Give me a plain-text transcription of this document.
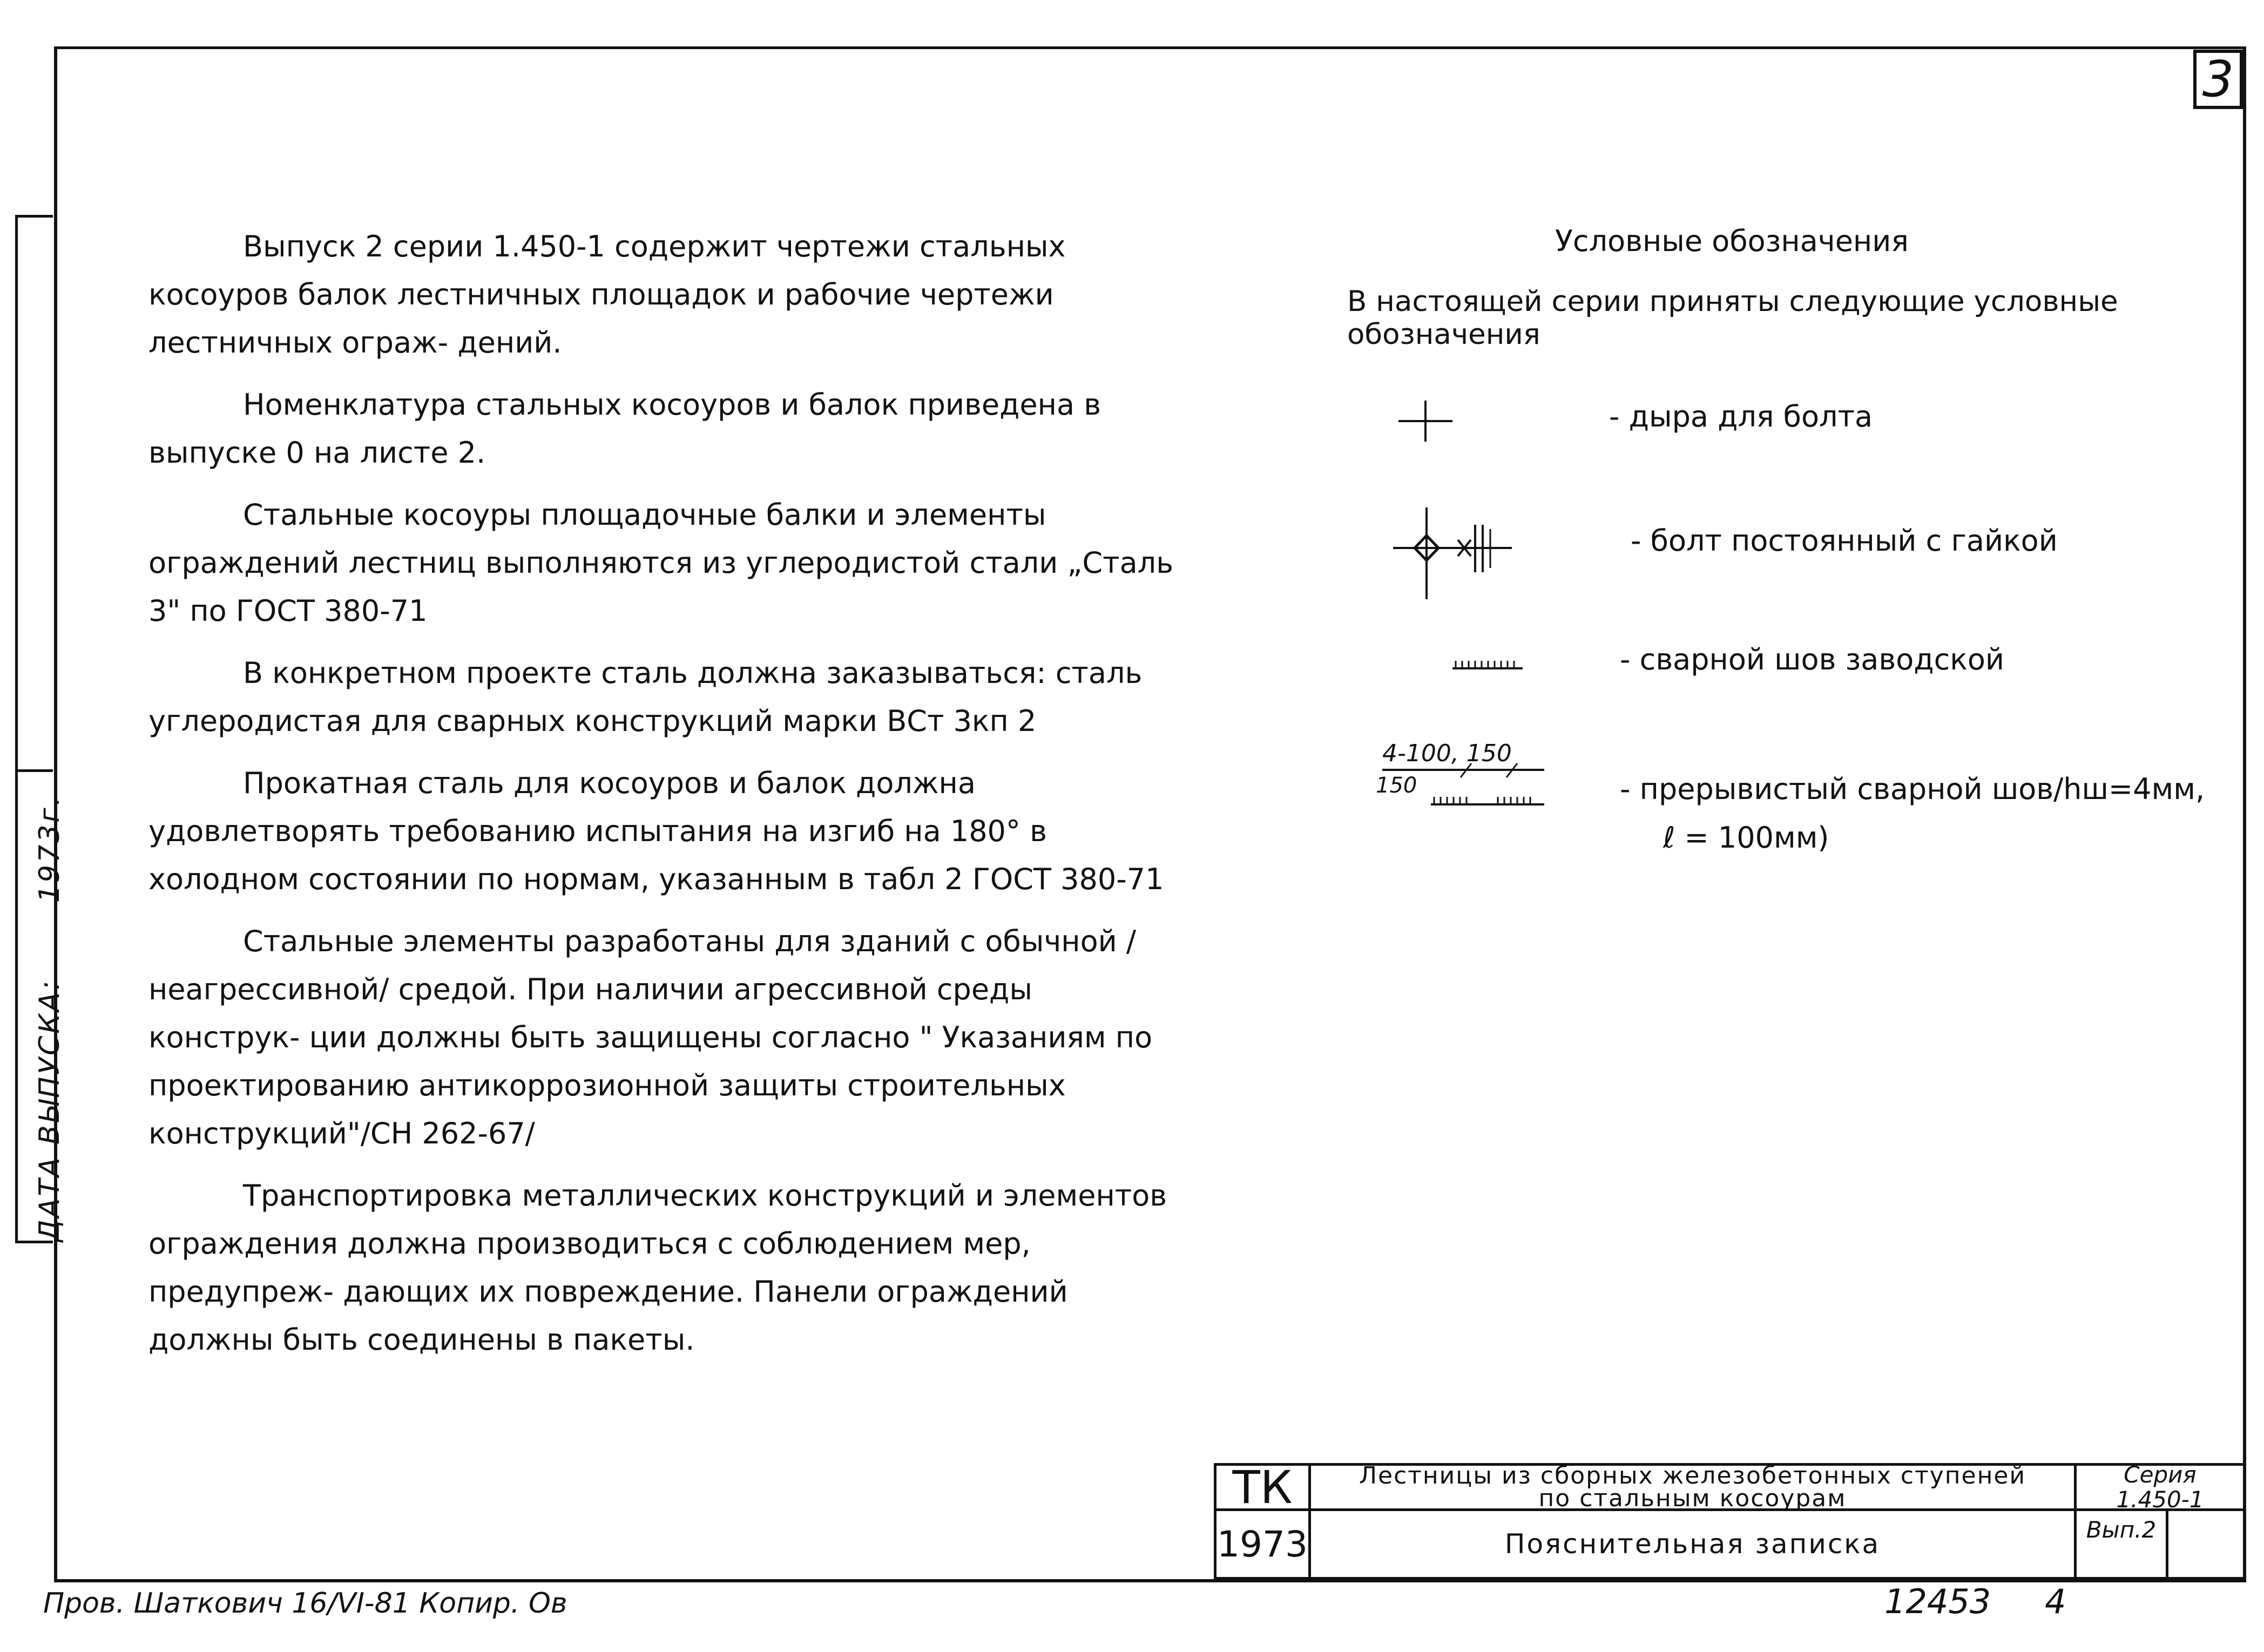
3
ДАТА ВЫПУСКА: 1973г.

Выпуск 2 серии 1.450-1 содержит чертежи стальных косоуров балок лестничных площадок и рабочие чертежи лестничных ограж- дений.

Номенклатура стальных косоуров и балок приведена в выпуске 0 на листе 2.

Стальные косоуры площадочные балки и элементы ограждений лестниц выполняются из углеродистой стали „Сталь 3" по ГОСТ 380-71

В конкретном проекте сталь должна заказываться: сталь углеродистая для сварных конструкций марки ВСт 3кп 2

Прокатная сталь для косоуров и балок должна удовлетворять требованию испытания на изгиб на 180° в холодном состоянии по нормам, указанным в табл 2 ГОСТ 380-71

Стальные элементы разработаны для зданий с обычной /неагрессивной/ средой. При наличии агрессивной среды конструк- ции должны быть защищены согласно " Указаниям по проектированию антикоррозионной защиты строительных конструкций"/СН 262-67/

Транспортировка металлических конструкций и элементов ограждения должна производиться с соблюдением мер, предупреж- дающих их повреждение. Панели ограждений должны быть соединены в пакеты.

Условные обозначения
В настоящей серии приняты следующие условные обозначения
- дыра для болта
- болт постоянный с гайкой
- сварной шов заводской
4-100, 150
150	- прерывистый сварной шов/hш=4мм,
ℓ = 100мм)
ТК	Лестницы из сборных железобетонных ступеней
по стальным косоурам
Серия
1.450-1
1973	Пояснительная записка	Вып.2
Пров. Шаткович 16/VI-81 Копир. Ов	12453 4
